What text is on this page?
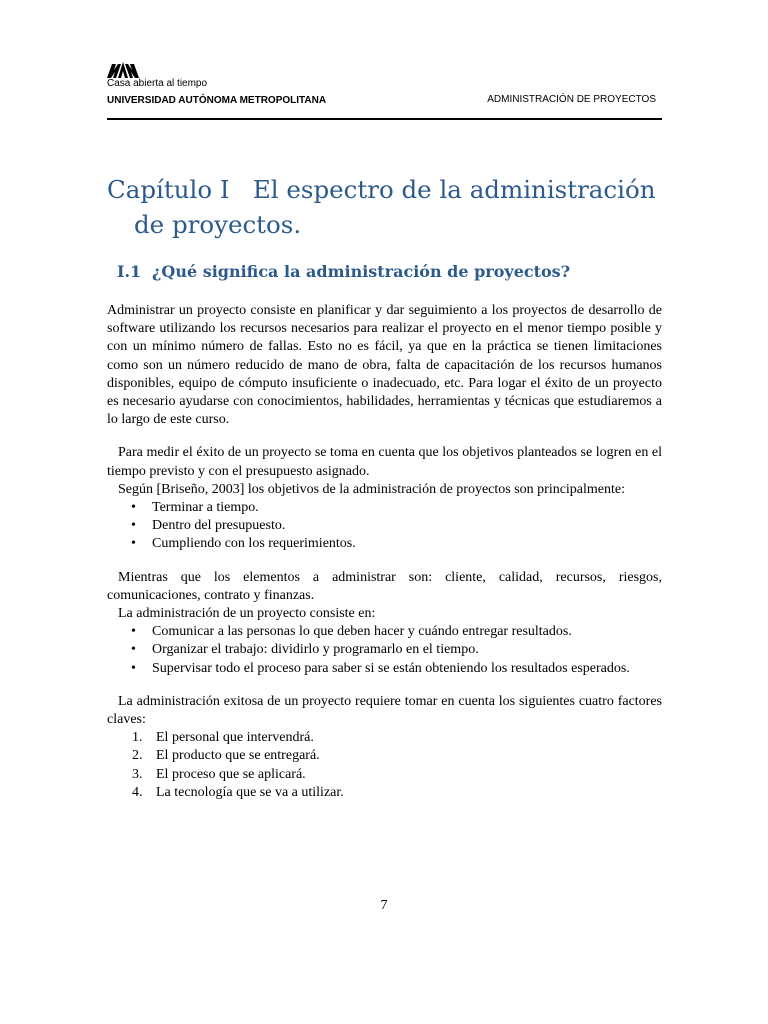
Casa abierta al tiempo
UNIVERSIDAD AUTÓNOMA METROPOLITANA	ADMINISTRACIÓN DE PROYECTOS
Capítulo I   El espectro de la administración
de proyectos.
I.1 ¿Qué significa la administración de proyectos?

Administrar un proyecto consiste en planificar y dar seguimiento a los proyectos de desarrollo de software utilizando los recursos necesarios para realizar el proyecto en el menor tiempo posible y con un mínimo número de fallas. Esto no es fácil, ya que en la práctica se tienen limitaciones como son un número reducido de mano de obra, falta de capacitación de los recursos humanos disponibles, equipo de cómputo insuficiente o inadecuado, etc. Para logar el éxito de un proyecto es necesario ayudarse con conocimientos, habilidades, herramientas y técnicas que estudiaremos a lo largo de este curso.

Para medir el éxito de un proyecto se toma en cuenta que los objetivos planteados se logren en el tiempo previsto y con el presupuesto asignado.

Según [Briseño, 2003] los objetivos de la administración de proyectos son principalmente:

• Terminar a tiempo.
• Dentro del presupuesto.
• Cumpliendo con los requerimientos.

Mientras que los elementos a administrar son: cliente, calidad, recursos, riesgos, comunicaciones, contrato y finanzas.

La administración de un proyecto consiste en:

• Comunicar a las personas lo que deben hacer y cuándo entregar resultados.
• Organizar el trabajo: dividirlo y programarlo en el tiempo.
• Supervisar todo el proceso para saber si se están obteniendo los resultados esperados.

La administración exitosa de un proyecto requiere tomar en cuenta los siguientes cuatro factores claves:

1. El personal que intervendrá.
2. El producto que se entregará.
3. El proceso que se aplicará.
4. La tecnología que se va a utilizar.
7
